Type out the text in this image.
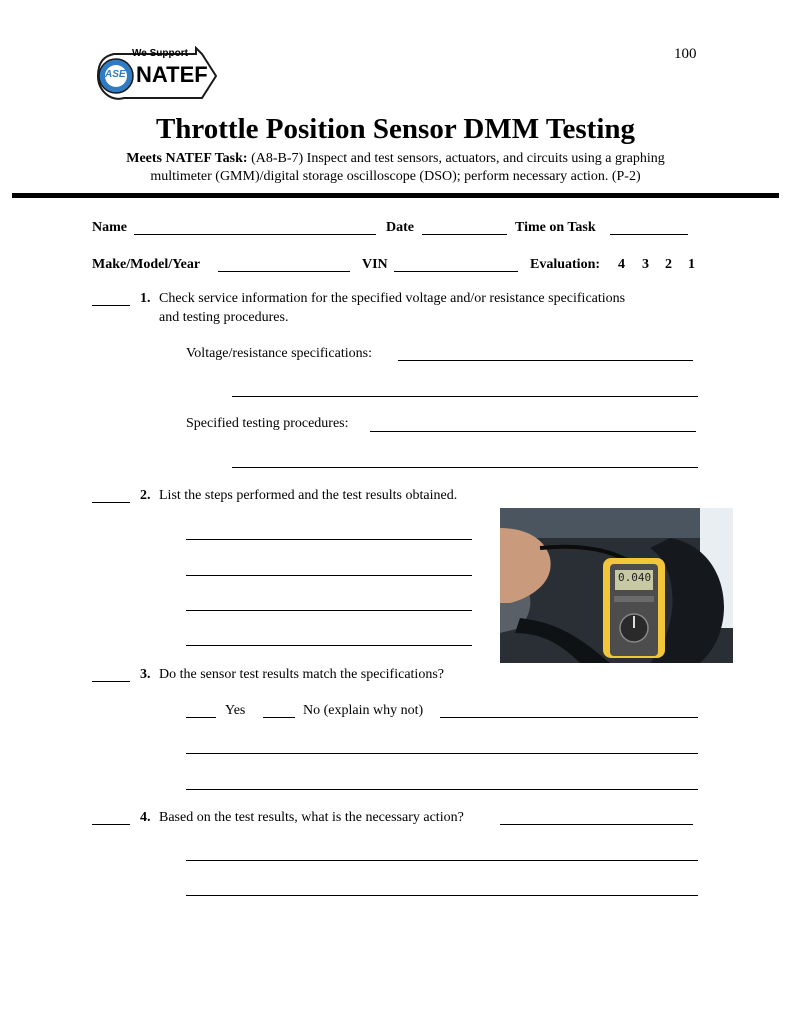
We Support
ASE NATEF
100
Throttle Position Sensor DMM Testing
Meets NATEF Task: (A8-B-7) Inspect and test sensors, actuators, and circuits using a graphing
multimeter (GMM)/digital storage oscilloscope (DSO); perform necessary action. (P-2)
Name	Date	Time on Task
Make/Model/Year	VIN	Evaluation: 4 3 2 1
1. Check service information for the specified voltage and/or resistance specifications
and testing procedures.
Voltage/resistance specifications:
Specified testing procedures:
2. List the steps performed and the test results obtained.
0.040
3. Do the sensor test results match the specifications?
Yes	No (explain why not)
4. Based on the test results, what is the necessary action?
